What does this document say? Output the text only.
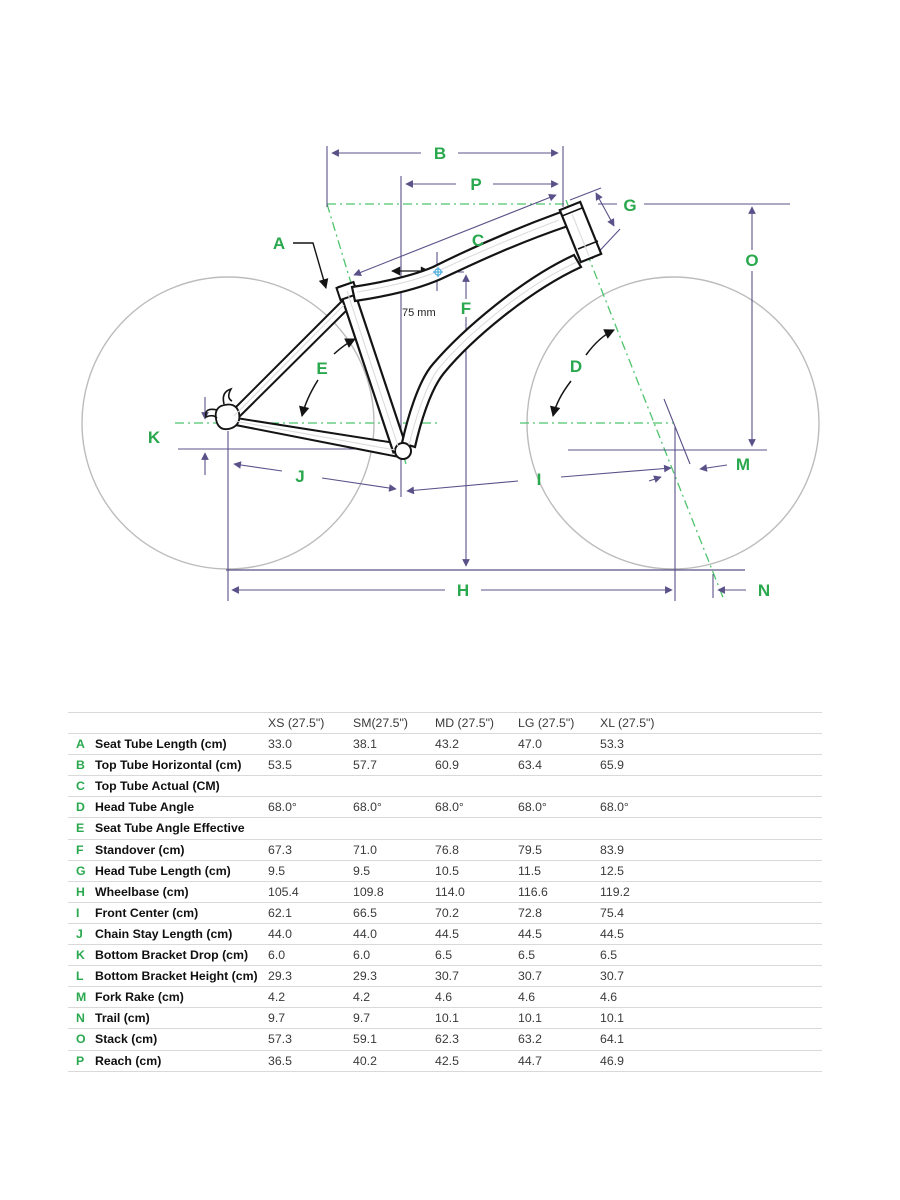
A
B
C
D
E
F
G
H
I
J
K
M
N
O
P
75 mm
XS (27.5") SM(27.5") MD (27.5") LG (27.5") XL (27.5")
A Seat Tube Length (cm)	33.0	38.1	43.2	47.0	53.3
B Top Tube Horizontal (cm) 53.5	57.7	60.9	63.4	65.9
C Top Tube Actual (CM)
D Head Tube Angle	68.0°	68.0°	68.0°	68.0°	68.0°
E Seat Tube Angle Effective
F Standover (cm)	67.3	71.0	76.8	79.5	83.9
G Head Tube Length (cm)	9.5	9.5	10.5	11.5	12.5
H Wheelbase (cm)	105.4	109.8	114.0	116.6	119.2
I	Front Center (cm)	62.1	66.5	70.2	72.8	75.4
J Chain Stay Length (cm)	44.0	44.0	44.5	44.5	44.5
K Bottom Bracket Drop (cm) 6.0	6.0	6.5	6.5	6.5
L Bottom Bracket Height (cm) 29.3	29.3	30.7	30.7	30.7
M Fork Rake (cm)	4.2	4.2	4.6	4.6	4.6
N Trail (cm)	9.7	9.7	10.1	10.1	10.1
O Stack (cm)	57.3	59.1	62.3	63.2	64.1
P Reach (cm)	36.5	40.2	42.5	44.7	46.9
